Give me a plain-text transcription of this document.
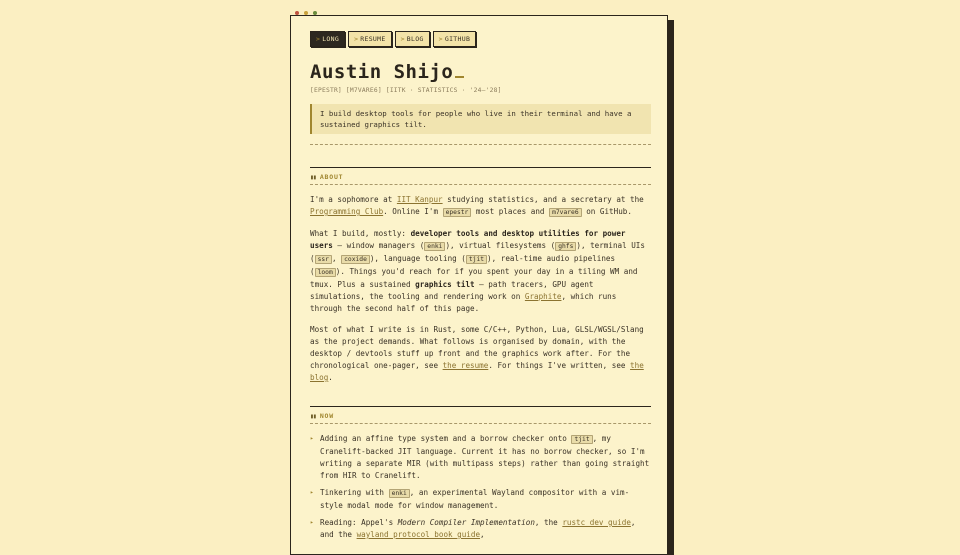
> LONG	> RESUME	> BLOG	> GITHUB
Austin Shijo
[EPESTR] [M7VARE6] [IITK · STATISTICS · '24–'28]
I build desktop tools for people who live in their terminal and have a sustained graphics tilt.
▮▮ ABOUT

I'm a sophomore at IIT Kanpur studying statistics, and a secretary at the Programming Club. Online I'm epestr most places and m7vare6 on GitHub.

What I build, mostly: developer tools and desktop utilities for power users — window managers ( enki ), virtual filesystems ( ghfs ), terminal UIs ( ssr , coxide ), language tooling ( tjit ), real-time audio pipelines ( loom ). Things you'd reach for if you spent your day in a tiling WM and tmux. Plus a sustained graphics tilt — path tracers, GPU agent simulations, the tooling and rendering work on Graphite, which runs through the second half of this page.

Most of what I write is in Rust, some C/C++, Python, Lua, GLSL/WGSL/Slang as the project demands. What follows is organised by domain, with the desktop / devtools stuff up front and the graphics work after. For the chronological one-pager, see the resume. For things I've written, see the blog.

▮▮ NOW
▸ Adding an affine type system and a borrow checker onto tjit , my Cranelift-backed JIT language. Current it has no borrow checker, so I'm writing a separate MIR (with multipass steps) rather than going straight from HIR to Cranelift.
▸ Tinkering with enki , an experimental Wayland compositor with a vim-style modal mode for window management.
▸ Reading: Appel's Modern Compiler Implementation, the rustc dev guide, and the wayland protocol book guide,
